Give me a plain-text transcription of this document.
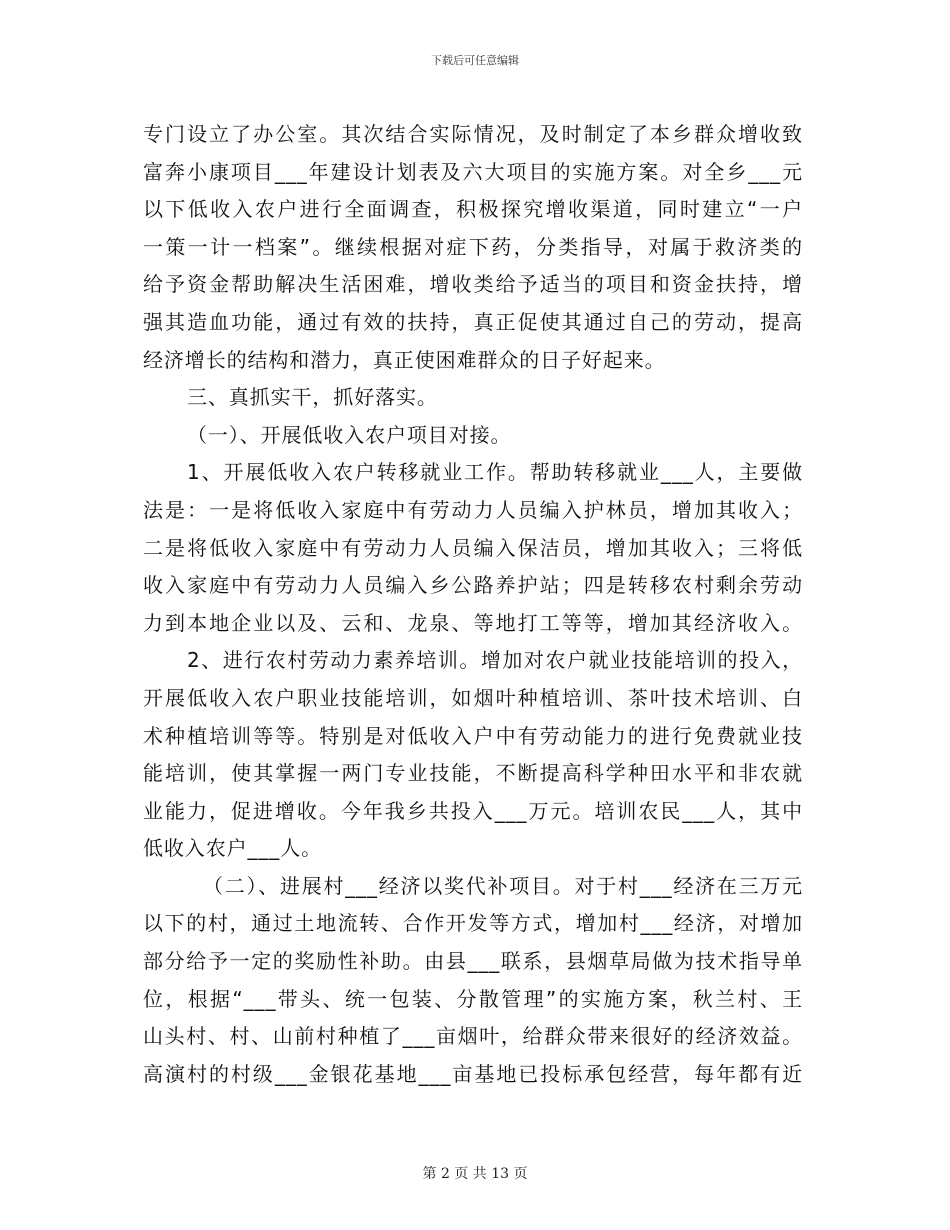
下载后可任意编辑
专门设立了办公室。其次结合实际情况，及时制定了本乡群众增收致
富奔小康项目___年建设计划表及六大项目的实施方案。对全乡___元
以下低收入农户进行全面调查，积极探究增收渠道，同时建立“一户
一策一计一档案”。继续根据对症下药，分类指导，对属于救济类的
给予资金帮助解决生活困难，增收类给予适当的项目和资金扶持，增
强其造血功能，通过有效的扶持，真正促使其通过自己的劳动，提高
经济增长的结构和潜力，真正使困难群众的日子好起来。
三、真抓实干，抓好落实。
（一）、开展低收入农户项目对接。
1、开展低收入农户转移就业工作。帮助转移就业___人，主要做
法是：一是将低收入家庭中有劳动力人员编入护林员，增加其收入；
二是将低收入家庭中有劳动力人员编入保洁员，增加其收入；三将低
收入家庭中有劳动力人员编入乡公路养护站；四是转移农村剩余劳动
力到本地企业以及、云和、龙泉、等地打工等等，增加其经济收入。
2、进行农村劳动力素养培训。增加对农户就业技能培训的投入，
开展低收入农户职业技能培训，如烟叶种植培训、茶叶技术培训、白
术种植培训等等。特别是对低收入户中有劳动能力的进行免费就业技
能培训，使其掌握一两门专业技能，不断提高科学种田水平和非农就
业能力，促进增收。今年我乡共投入___万元。培训农民___人，其中
低收入农户___人。
（二）、进展村___经济以奖代补项目。对于村___经济在三万元
以下的村，通过土地流转、合作开发等方式，增加村___经济，对增加
部分给予一定的奖励性补助。由县___联系，县烟草局做为技术指导单
位，根据“___带头、统一包装、分散管理”的实施方案，秋兰村、王
山头村、村、山前村种植了___亩烟叶，给群众带来很好的经济效益。
高演村的村级___金银花基地___亩基地已投标承包经营，每年都有近
第 2 页 共 13 页
